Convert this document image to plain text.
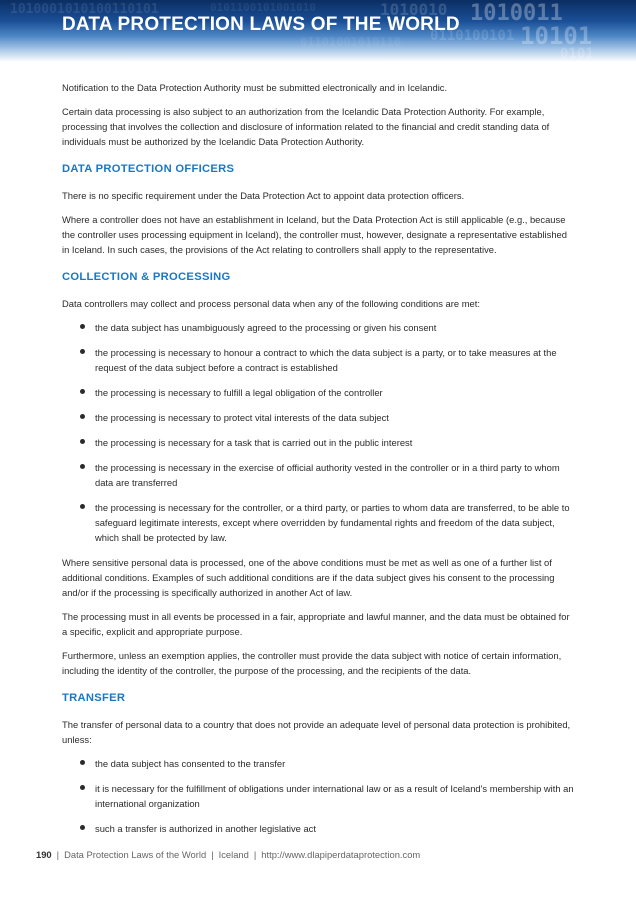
1010001010100110101	0101100101001010	1010010 1010011
10101
0110100101
01101001010110
0101
DATA PROTECTION LAWS OF THE WORLD

Notification to the Data Protection Authority must be submitted electronically and in Icelandic.

Certain data processing is also subject to an authorization from the Icelandic Data Protection Authority. For example, processing that involves the collection and disclosure of information related to the financial and credit standing data of individuals must be authorized by the Icelandic Data Protection Authority.

DATA PROTECTION OFFICERS

There is no specific requirement under the Data Protection Act to appoint data protection officers.

Where a controller does not have an establishment in Iceland, but the Data Protection Act is still applicable (e.g., because the controller uses processing equipment in Iceland), the controller must, however, designate a representative established in Iceland. In such cases, the provisions of the Act relating to controllers shall apply to the representative.

COLLECTION & PROCESSING

Data controllers may collect and process personal data when any of the following conditions are met:

the data subject has unambiguously agreed to the processing or given his consent
the processing is necessary to honour a contract to which the data subject is a party, or to take measures at the request of the data subject before a contract is established
the processing is necessary to fulfill a legal obligation of the controller
the processing is necessary to protect vital interests of the data subject
the processing is necessary for a task that is carried out in the public interest
the processing is necessary in the exercise of official authority vested in the controller or in a third party to whom data are transferred
the processing is necessary for the controller, or a third party, or parties to whom data are transferred, to be able to safeguard legitimate interests, except where overridden by fundamental rights and freedom of the data subject, which shall be protected by law.

Where sensitive personal data is processed, one of the above conditions must be met as well as one of a further list of additional conditions. Examples of such additional conditions are if the data subject gives his consent to the processing and/or if the processing is specifically authorized in another Act of law.

The processing must in all events be processed in a fair, appropriate and lawful manner, and the data must be obtained for a specific, explicit and appropriate purpose.

Furthermore, unless an exemption applies, the controller must provide the data subject with notice of certain information, including the identity of the controller, the purpose of the processing, and the recipients of the data.

TRANSFER

The transfer of personal data to a country that does not provide an adequate level of personal data protection is prohibited, unless:

the data subject has consented to the transfer
it is necessary for the fulfillment of obligations under international law or as a result of Iceland's membership with an international organization
such a transfer is authorized in another legislative act
190 | Data Protection Laws of the World | Iceland | http://www.dlapiperdataprotection.com
